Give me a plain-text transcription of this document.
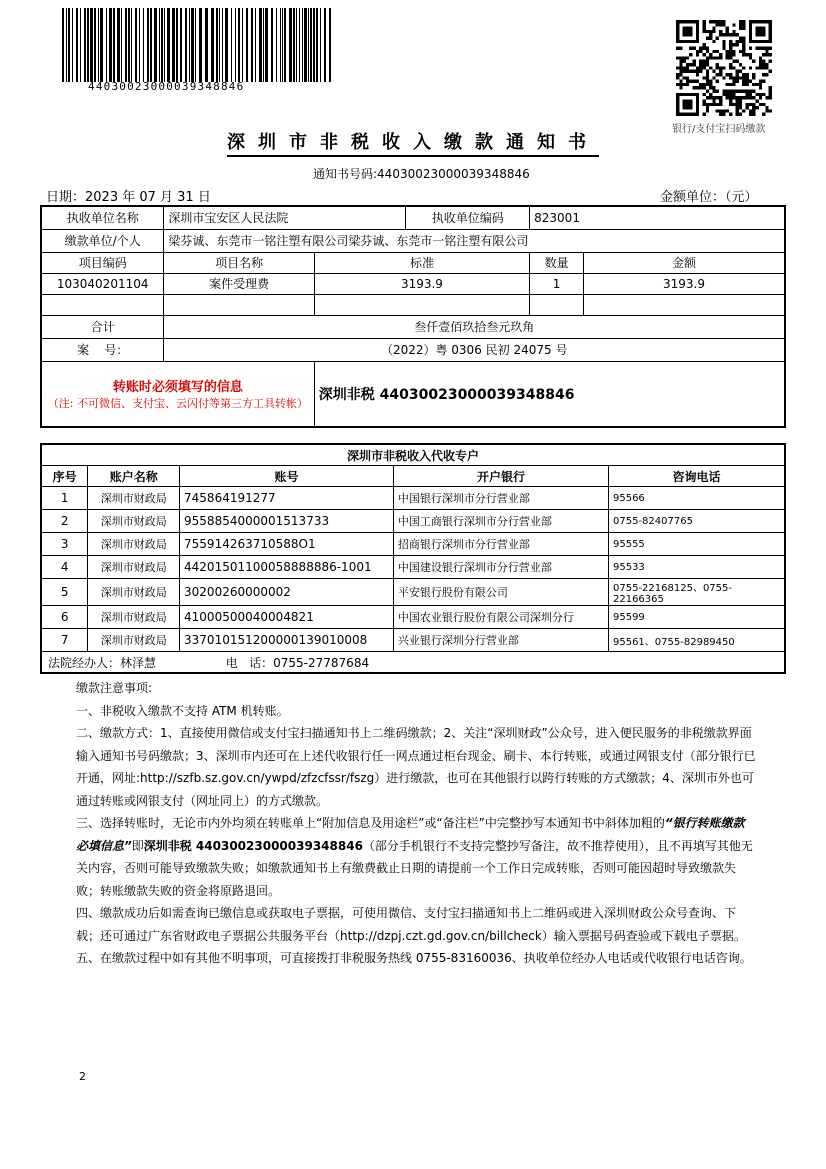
44030023000039348846
银行/支付宝扫码缴款
深圳市非税收入缴款通知书
通知书号码:44030023000039348846
日期：2023 年 07 月 31 日	金额单位：（元）
执收单位名称	深圳市宝安区人民法院		执收单位编码	823001	
缴款单位/个人	梁芬诚、东莞市一铭注塑有限公司梁芬诚、东莞市一铭注塑有限公司				
项目编码	项目名称	标准		数量	金额
103040201104	案件受理费	3193.9		1	3193.9

合计	叁仟壹佰玖拾叁元玖角				
案    号：	（2022）粤 0306 民初 24075 号				

转账时必须填写的信息
（注: 不可微信、支付宝、云闪付等第三方工具转帐）		深圳非税 44030023000039348846			
深圳市非税收入代收专户				
序号	账户名称	账号	开户银行	咨询电话
1	深圳市财政局	745864191277	中国银行深圳市分行营业部	95566
2	深圳市财政局	9558854000001513733	中国工商银行深圳市分行营业部	0755-82407765
3	深圳市财政局	755914263710588O1	招商银行深圳市分行营业部	95555
4	深圳市财政局	44201501100058888886-1001	中国建设银行深圳市分行营业部	95533
5	深圳市财政局	30200260000002	平安银行股份有限公司	0755-22168125、0755-22166365
6	深圳市财政局	41000500040004821	中国农业银行股份有限公司深圳分行	95599
7	深圳市财政局	337010151200000139010008	兴业银行深圳分行营业部	95561、0755-82989450
法院经办人：林泽慧 电   话：0755-27787684				

缴款注意事项:

一、非税收入缴款不支持 ATM 机转账。

二、缴款方式：1、直接使用微信或支付宝扫描通知书上二维码缴款；2、关注“深圳财政”公众号，进入便民服务的非税缴款界面输入通知书号码缴款；3、深圳市内还可在上述代收银行任一网点通过柜台现金、刷卡、本行转账，或通过网银支付（部分银行已开通，网址:http://szfb.sz.gov.cn/ywpd/zfzcfssr/fszg）进行缴款，也可在其他银行以跨行转账的方式缴款；4、深圳市外也可通过转账或网银支付（网址同上）的方式缴款。

三、选择转账时，无论市内外均须在转账单上“附加信息及用途栏”或“备注栏”中完整抄写本通知书中斜体加粗的“银行转账缴款必填信息”即深圳非税 44030023000039348846（部分手机银行不支持完整抄写备注，故不推荐使用），且不再填写其他无关内容，否则可能导致缴款失败；如缴款通知书上有缴费截止日期的请提前一个工作日完成转账，否则可能因超时导致缴款失败；转账缴款失败的资金将原路退回。

四、缴款成功后如需查询已缴信息或获取电子票据，可使用微信、支付宝扫描通知书上二维码或进入深圳财政公众号查询、下载；还可通过广东省财政电子票据公共服务平台（http://dzpj.czt.gd.gov.cn/billcheck）输入票据号码查验或下载电子票据。

五、在缴款过程中如有其他不明事项，可直接拨打非税服务热线 0755-83160036、执收单位经办人电话或代收银行电话咨询。

2
